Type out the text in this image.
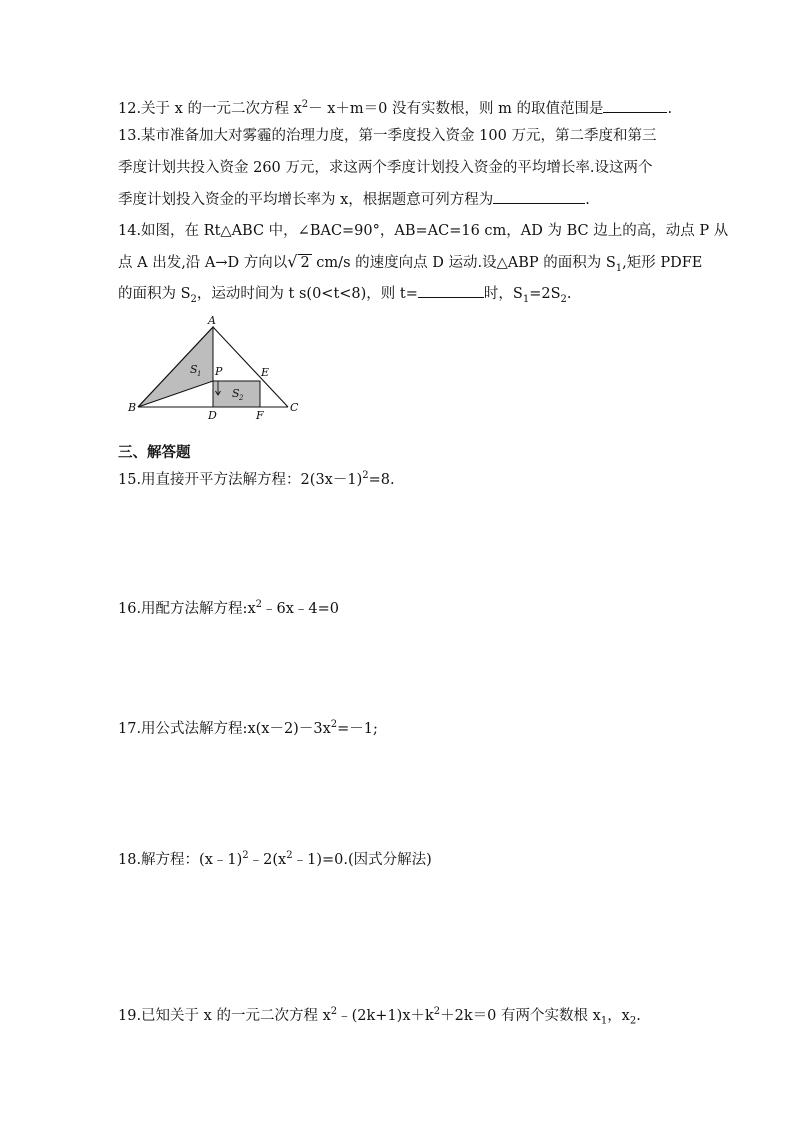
12.关于 x 的一元二次方程 $x^2- x+m=0$ 没有实数根，则 m 的取值范围是	.
13.某市准备加大对雾霾的治理力度，第一季度投入资金 100 万元，第二季度和第三
季度计划共投入资金 260 万元，求这两个季度计划投入资金的平均增长率.设这两个
季度计划投入资金的平均增长率为 x，根据题意可列方程为	.
14.如图，在 Rt△ABC 中，∠BAC=90°，AB=AC=16 cm，AD 为 BC 边上的高，动点 P 从
点 A 出发,沿 A→D 方向以√ 2 cm/s 的速度向点 D 运动.设△ABP 的面积为 $S_1$,矩形 PDFE
的面积为 $S_2$，运动时间为 t s(0<t<8)，则 t=	时，$S_1=2S_2$.
A
B	C
D
E
F
P
S 1
S 2
三、解答题
15.用直接开平方法解方程：$2(3x-1)^2=8$.
16.用配方法解方程$:x^2﹣6x﹣4=0$
17.用公式法解方程$:x(x-2)-3x^2=-1$;
18.解方程：$(x﹣1)^2﹣2(x^2﹣1)=0$.(因式分解法)
19.已知关于 x 的一元二次方程 $x^2﹣(2k+1)x+k^2+2k=0$ 有两个实数根 $x_1$，$x_2$.
